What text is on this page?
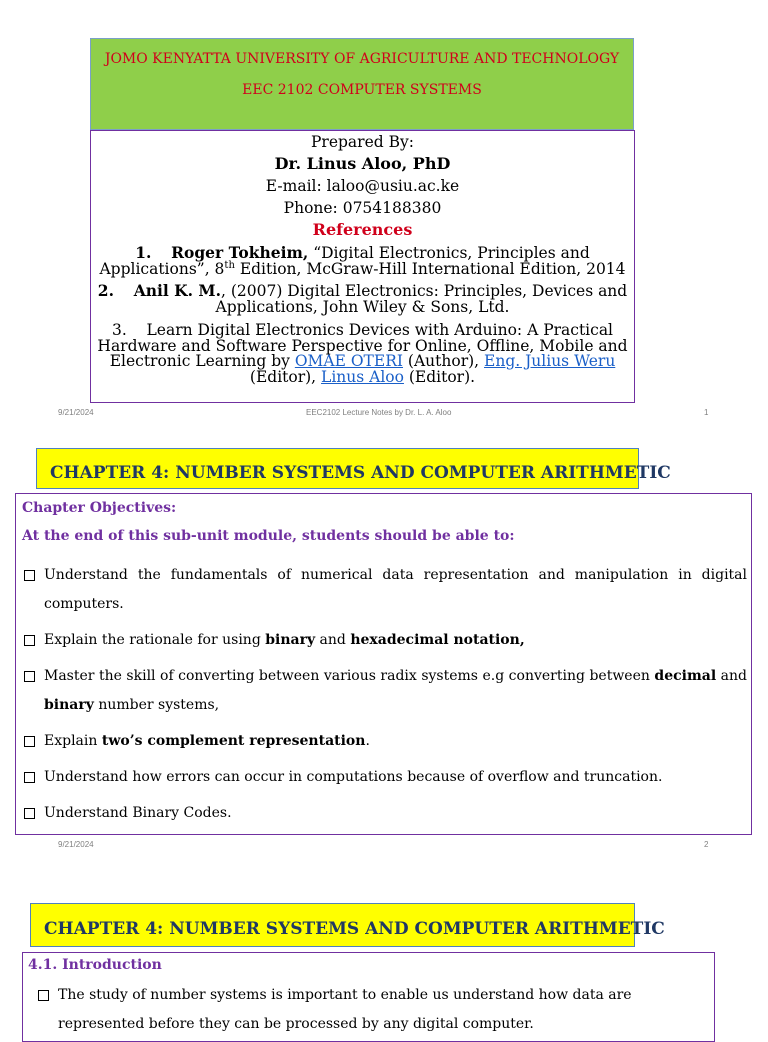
JOMO KENYATTA UNIVERSITY OF AGRICULTURE AND TECHNOLOGY
EEC 2102 COMPUTER SYSTEMS
Prepared By:
Dr. Linus Aloo, PhD
E-mail: laloo@usiu.ac.ke
Phone: 0754188380
References
1. Roger Tokheim, “Digital Electronics, Principles and Applications”, 8th Edition, McGraw-Hill International Edition, 2014
2. Anil K. M., (2007) Digital Electronics: Principles, Devices and Applications, John Wiley & Sons, Ltd.
3. Learn Digital Electronics Devices with Arduino: A Practical Hardware and Software Perspective for Online, Offline, Mobile and Electronic Learning by OMAE OTERI (Author), Eng. Julius Weru (Editor), Linus Aloo (Editor).
9/21/2024	EEC2102 Lecture Notes by Dr. L. A. Aloo	1
CHAPTER 4: NUMBER SYSTEMS AND COMPUTER ARITHMETIC
Chapter Objectives:
At the end of this sub-unit module, students should be able to:
Understand the fundamentals of numerical data representation and manipulation in digital computers.
Explain the rationale for using binary and hexadecimal notation,
Master the skill of converting between various radix systems e.g converting between decimal and binary number systems,
Explain two’s complement representation.
Understand how errors can occur in computations because of overflow and truncation.
Understand Binary Codes.
9/21/2024	2
CHAPTER 4: NUMBER SYSTEMS AND COMPUTER ARITHMETIC
4.1. Introduction
The study of number systems is important to enable us understand how data are represented before they can be processed by any digital computer.
